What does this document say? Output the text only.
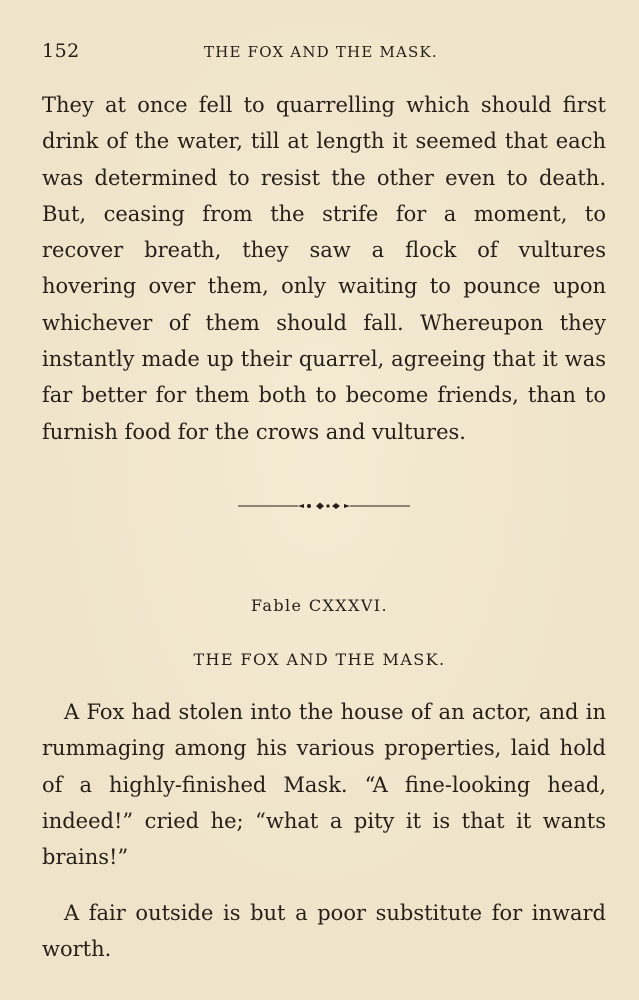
152	THE FOX AND THE MASK.

They at once fell to quarrelling which should first drink of the water, till at length it seemed that each was determined to resist the other even to death. But, ceasing from the strife for a moment, to recover breath, they saw a flock of vultures hovering over them, only waiting to pounce upon whichever of them should fall. Whereupon they instantly made up their quarrel, agreeing that it was far better for them both to become friends, than to furnish food for the crows and vultures.

Fable CXXXVI.
THE FOX AND THE MASK.

A Fox had stolen into the house of an actor, and in rummaging among his various properties, laid hold of a highly-finished Mask. “A fine-looking head, indeed!” cried he; “what a pity it is that it wants brains!”

A fair outside is but a poor substitute for inward worth.
